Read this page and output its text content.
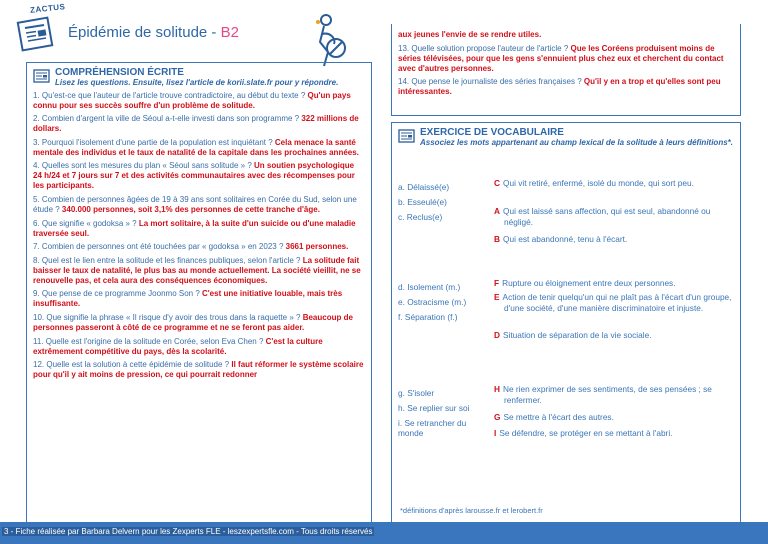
ZACTUS
Épidémie de solitude - B2
COMPRÉHENSION ÉCRITE
Lisez les questions. Ensuite, lisez l'article de korii.slate.fr pour y répondre.
1. Qu'est-ce que l'auteur de l'article trouve contradictoire, au début du texte ? Qu'un pays connu pour ses succès souffre d'un problème de solitude.
2. Combien d'argent la ville de Séoul a-t-elle investi dans son programme ? 322 millions de dollars.
3. Pourquoi l'isolement d'une partie de la population est inquiétant ? Cela menace la santé mentale des individus et le taux de natalité de la capitale dans les prochaines années.
4. Quelles sont les mesures du plan « Séoul sans solitude » ? Un soutien psychologique 24 h/24 et 7 jours sur 7 et des activités communautaires avec des récompenses pour les participants.
5. Combien de personnes âgées de 19 à 39 ans sont solitaires en Corée du Sud, selon une étude ? 340.000 personnes, soit 3,1% des personnes de cette tranche d'âge.
6. Que signifie « godoksa » ? La mort solitaire, à la suite d'un suicide ou d'une maladie traversée seul.
7. Combien de personnes ont été touchées par « godoksa » en 2023 ? 3661 personnes.
8. Quel est le lien entre la solitude et les finances publiques, selon l'article ? La solitude fait baisser le taux de natalité, le plus bas au monde actuellement. La société vieillit, ne se renouvelle pas, et cela aura des conséquences économiques.
9. Que pense de ce programme Joonmo Son ? C'est une initiative louable, mais très insuffisante.
10. Que signifie la phrase « Il risque d'y avoir des trous dans la raquette » ? Beaucoup de personnes passeront à côté de ce programme et ne se feront pas aider.
11. Quelle est l'origine de la solitude en Corée, selon Eva Chen ? C'est la culture extrêmement compétitive du pays, dès la scolarité.
12. Quelle est la solution à cette épidémie de solitude ? Il faut réformer le système scolaire pour qu'il y ait moins de pression, ce qui pourrait redonner
aux jeunes l'envie de se rendre utiles.
13. Quelle solution propose l'auteur de l'article ? Que les Coréens produisent moins de séries télévisées, pour que les gens s'ennuient plus chez eux et cherchent du contact avec d'autres personnes.
14. Que pense le journaliste des séries françaises ? Qu'il y en a trop et qu'elles sont peu intéressantes.
EXERCICE DE VOCABULAIRE
Associez les mots appartenant au champ lexical de la solitude à leurs définitions*.
a. Délaissé(e)
b. Esseulé(e)
c. Reclus(e)
C Qui vit retiré, enfermé, isolé du monde, qui sort peu.
A Qui est laissé sans affection, qui est seul, abandonné ou négligé.
B Qui est abandonné, tenu à l'écart.
d. Isolement (m.)
e. Ostracisme (m.)
f. Séparation (f.)
F Rupture ou éloignement entre deux personnes.
E Action de tenir quelqu'un qui ne plaît pas à l'écart d'un groupe, d'une société, d'une manière discriminatoire et injuste.
D Situation de séparation de la vie sociale.
g. S'isoler
h. Se replier sur soi
i. Se retrancher du monde
H Ne rien exprimer de ses sentiments, de ses pensées ; se renfermer.
G Se mettre à l'écart des autres.
I Se défendre, se protéger en se mettant à l'abri.
*définitions d'après larousse.fr et lerobert.fr
3 - Fiche réalisée par Barbara Delvern pour les Zexperts FLE - leszexpertsfle.com - Tous droits réservés
